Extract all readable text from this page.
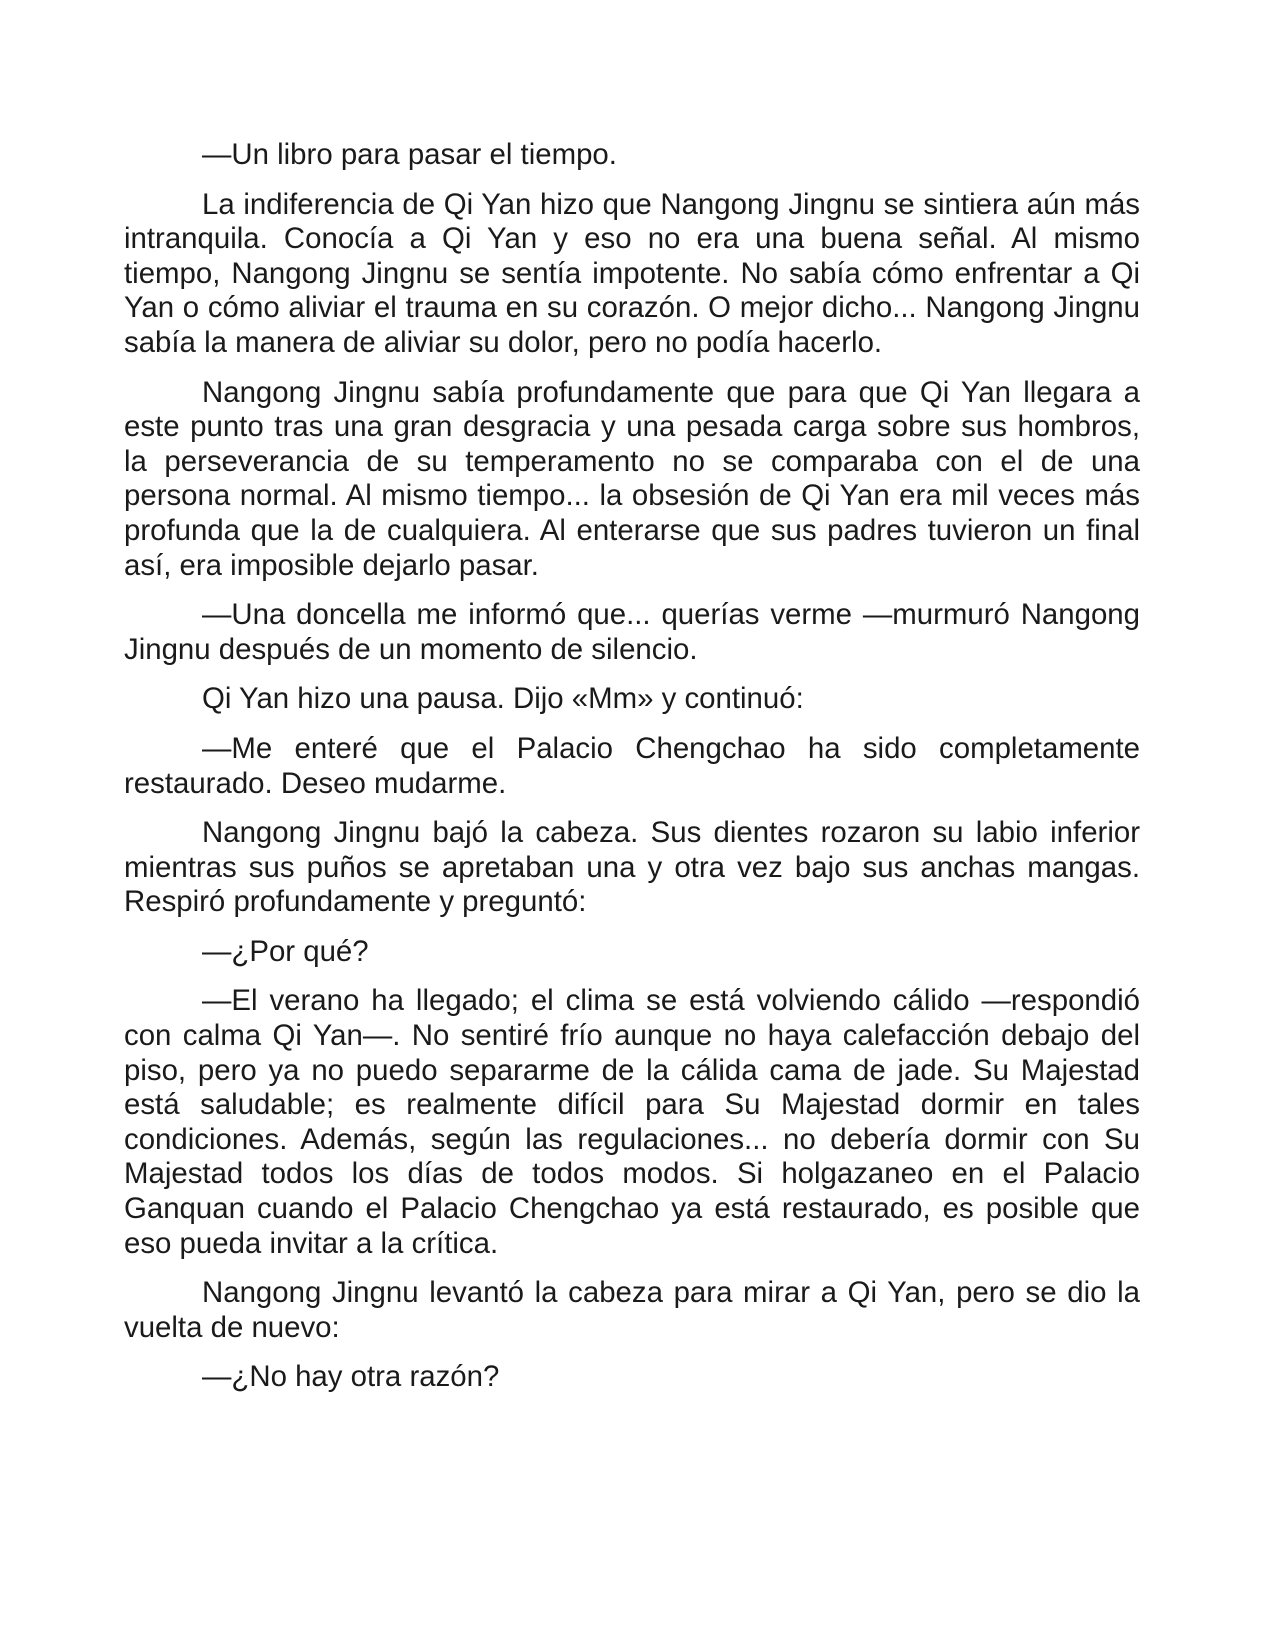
—Un libro para pasar el tiempo.

La indiferencia de Qi Yan hizo que Nangong Jingnu se sintiera aún más intranquila. Conocía a Qi Yan y eso no era una buena señal. Al mismo tiempo, Nangong Jingnu se sentía impotente. No sabía cómo enfrentar a Qi Yan o cómo aliviar el trauma en su corazón. O mejor dicho... Nangong Jingnu sabía la manera de aliviar su dolor, pero no podía hacerlo.

Nangong Jingnu sabía profundamente que para que Qi Yan llegara a este punto tras una gran desgracia y una pesada carga sobre sus hombros, la perseverancia de su temperamento no se comparaba con el de una persona normal. Al mismo tiempo... la obsesión de Qi Yan era mil veces más profunda que la de cualquiera. Al enterarse que sus padres tuvieron un final así, era imposible dejarlo pasar.

—Una doncella me informó que... querías verme —murmuró Nangong Jingnu después de un momento de silencio.

Qi Yan hizo una pausa. Dijo «Mm» y continuó:

—Me enteré que el Palacio Chengchao ha sido completamente restaurado. Deseo mudarme.

Nangong Jingnu bajó la cabeza. Sus dientes rozaron su labio inferior mientras sus puños se apretaban una y otra vez bajo sus anchas mangas. Respiró profundamente y preguntó:

—¿Por qué?

—El verano ha llegado; el clima se está volviendo cálido —respondió con calma Qi Yan—. No sentiré frío aunque no haya calefacción debajo del piso, pero ya no puedo separarme de la cálida cama de jade. Su Majestad está saludable; es realmente difícil para Su Majestad dormir en tales condiciones. Además, según las regulaciones... no debería dormir con Su Majestad todos los días de todos modos. Si holgazaneo en el Palacio Ganquan cuando el Palacio Chengchao ya está restaurado, es posible que eso pueda invitar a la crítica.

Nangong Jingnu levantó la cabeza para mirar a Qi Yan, pero se dio la vuelta de nuevo:

—¿No hay otra razón?
